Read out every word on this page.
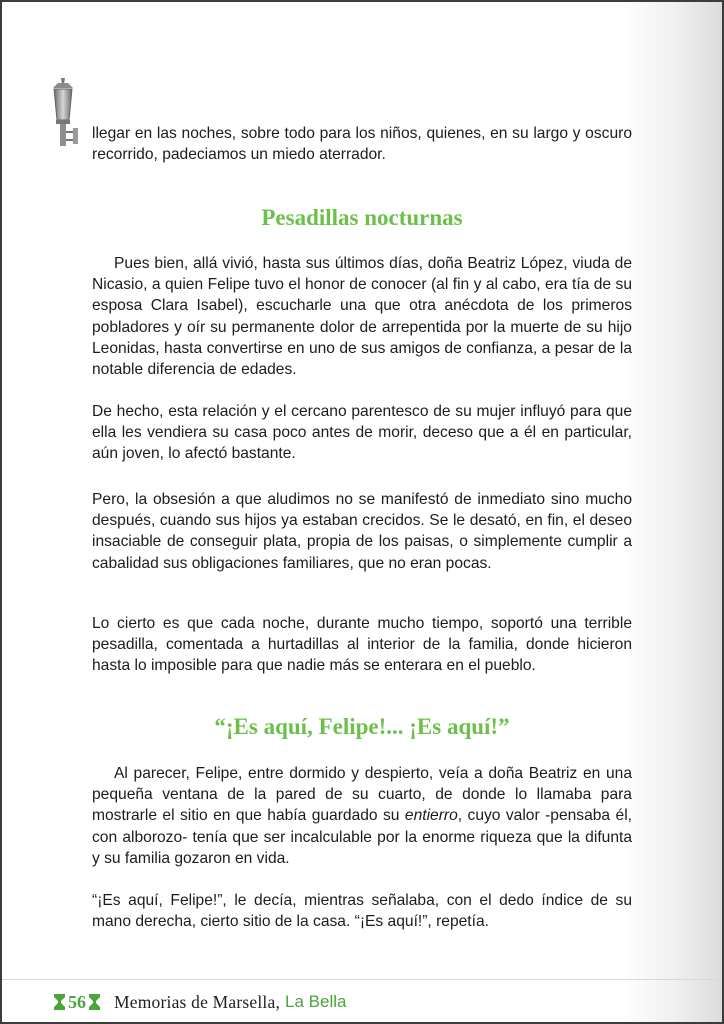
llegar en las noches, sobre todo para los niños, quienes, en su largo y oscuro recorrido, padeciamos un miedo aterrador.

Pesadillas nocturnas

Pues bien, allá vivió, hasta sus últimos días, doña Beatriz López, viuda de Nicasio, a quien Felipe tuvo el honor de conocer (al fin y al cabo, era tía de su esposa Clara Isabel), escucharle una que otra anécdota de los primeros pobladores y oír su permanente dolor de arrepentida por la muerte de su hijo Leonidas, hasta convertirse en uno de sus amigos de confianza, a pesar de la notable diferencia de edades.

De hecho, esta relación y el cercano parentesco de su mujer influyó para que ella les vendiera su casa poco antes de morir, deceso que a él en particular, aún joven, lo afectó bastante.

Pero, la obsesión a que aludimos no se manifestó de inmediato sino mucho después, cuando sus hijos ya estaban crecidos. Se le desató, en fin, el deseo insaciable de conseguir plata, propia de los paisas, o simplemente cumplir a cabalidad sus obligaciones familiares, que no eran pocas.

Lo cierto es que cada noche, durante mucho tiempo, soportó una terrible pesadilla, comentada a hurtadillas al interior de la familia, donde hicieron hasta lo imposible para que nadie más se enterara en el pueblo.

“¡Es aquí, Felipe!... ¡Es aquí!”

Al parecer, Felipe, entre dormido y despierto, veía a doña Beatriz en una pequeña ventana de la pared de su cuarto, de donde lo llamaba para mostrarle el sitio en que había guardado su entierro, cuyo valor -pensaba él, con alborozo- tenía que ser incalculable por la enorme riqueza que la difunta y su familia gozaron en vida.

“¡Es aquí, Felipe!”, le decía, mientras señalaba, con el dedo índice de su mano derecha, cierto sitio de la casa. “¡Es aquí!”, repetía.

56 Memorias de Marsella, La Bella
